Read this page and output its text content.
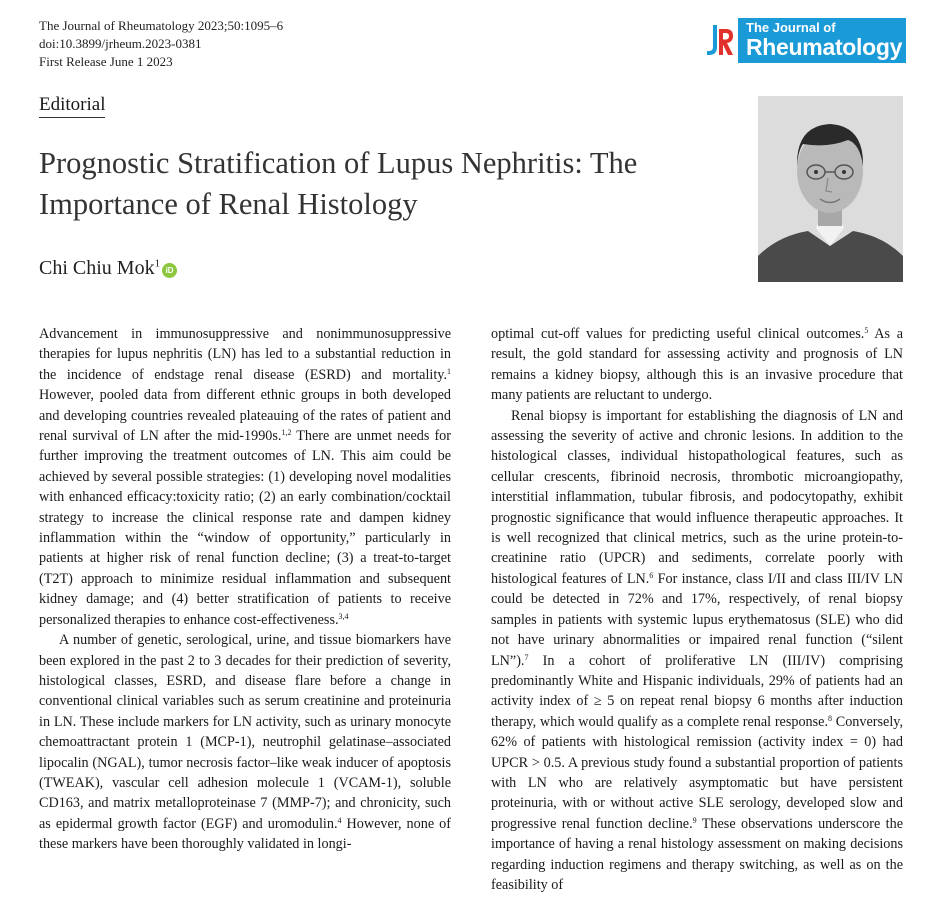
The Journal of Rheumatology 2023;50:1095–6
doi:10.3899/jrheum.2023-0381
First Release June 1 2023
The Journal of
Rheumatology
Editorial
Prognostic Stratification of Lupus Nephritis: The Importance of Renal Histology
Chi Chiu Mok$^1$iD

Advancement in immunosuppressive and nonimmunosuppressive therapies for lupus nephritis (LN) has led to a substantial reduction in the incidence of endstage renal disease (ESRD) and mortality.$^1$ However, pooled data from different ethnic groups in both developed and developing countries revealed plateauing of the rates of patient and renal survival of LN after the mid-1990s.$^{1,2}$ There are unmet needs for further improving the treatment outcomes of LN. This aim could be achieved by several possible strategies: (1) developing novel modalities with enhanced efficacy:toxicity ratio; (2) an early combination/cocktail strategy to increase the clinical response rate and dampen kidney inflammation within the “window of opportunity,” particularly in patients at higher risk of renal function decline; (3) a treat-to-target (T2T) approach to minimize residual inflammation and subsequent kidney damage; and (4) better stratification of patients to receive personalized therapies to enhance cost-effectiveness.$^{3,4}$

A number of genetic, serological, urine, and tissue biomarkers have been explored in the past 2 to 3 decades for their prediction of severity, histological classes, ESRD, and disease flare before a change in conventional clinical variables such as serum creatinine and proteinuria in LN. These include markers for LN activity, such as urinary monocyte chemoattractant protein 1 (MCP-1), neutrophil gelatinase–associated lipocalin (NGAL), tumor necrosis factor–like weak inducer of apoptosis (TWEAK), vascular cell adhesion molecule 1 (VCAM-1), soluble CD163, and matrix metalloproteinase 7 (MMP-7); and chronicity, such as epidermal growth factor (EGF) and uromodulin.$^4$ However, none of these markers have been thoroughly validated in longi-

optimal cut-off values for predicting useful clinical outcomes.$^5$ As a result, the gold standard for assessing activity and prognosis of LN remains a kidney biopsy, although this is an invasive procedure that many patients are reluctant to undergo.

Renal biopsy is important for establishing the diagnosis of LN and assessing the severity of active and chronic lesions. In addition to the histological classes, individual histopathological features, such as cellular crescents, fibrinoid necrosis, thrombotic microangiopathy, interstitial inflammation, tubular fibrosis, and podocytopathy, exhibit prognostic significance that would influence therapeutic approaches. It is well recognized that clinical metrics, such as the urine protein-to-creatinine ratio (UPCR) and sediments, correlate poorly with histological features of LN.$^6$ For instance, class I/II and class III/IV LN could be detected in 72% and 17%, respectively, of renal biopsy samples in patients with systemic lupus erythematosus (SLE) who did not have urinary abnormalities or impaired renal function (“silent LN”).$^7$ In a cohort of proliferative LN (III/IV) comprising predominantly White and Hispanic individuals, 29% of patients had an activity index of ≥ 5 on repeat renal biopsy 6 months after induction therapy, which would qualify as a complete renal response.$^8$ Conversely, 62% of patients with histological remission (activity index = 0) had UPCR > 0.5. A previous study found a substantial proportion of patients with LN who are relatively asymptomatic but have persistent proteinuria, with or without active SLE serology, developed slow and progressive renal function decline.$^9$ These observations underscore the importance of having a renal histology assessment on making decisions regarding induction regimens and therapy switching, as well as on the feasibility of
